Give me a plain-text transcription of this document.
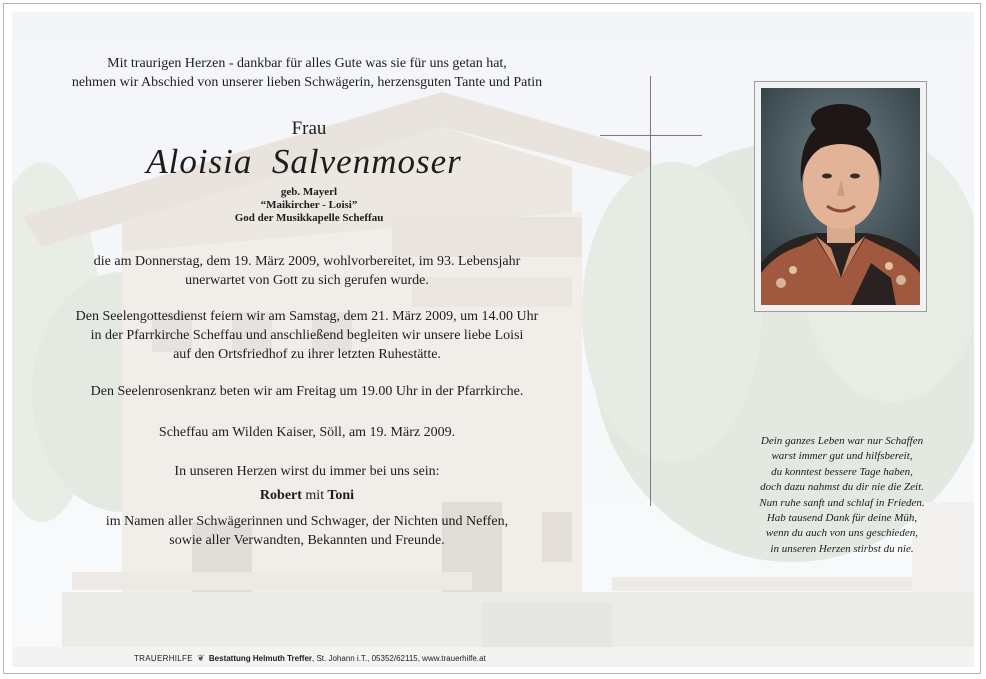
Mit traurigen Herzen - dankbar für alles Gute was sie für uns getan hat,
nehmen wir Abschied von unserer lieben Schwägerin, herzensguten Tante und Patin
Frau
Aloisia  Salvenmoser
geb. Mayerl
“Maikircher - Loisi”
God der Musikkapelle Scheffau
die am Donnerstag, dem 19. März 2009, wohlvorbereitet, im 93. Lebensjahr
unerwartet von Gott zu sich gerufen wurde.
Den Seelengottesdienst feiern wir am Samstag, dem 21. März 2009, um 14.00 Uhr
in der Pfarrkirche Scheffau und anschließend begleiten wir unsere liebe Loisi
auf den Ortsfriedhof zu ihrer letzten Ruhestätte.
Den Seelenrosenkranz beten wir am Freitag um 19.00 Uhr in der Pfarrkirche.
Scheffau am Wilden Kaiser, Söll, am 19. März 2009.
In unseren Herzen wirst du immer bei uns sein:
Robert mit Toni
im Namen aller Schwägerinnen und Schwager, der Nichten und Neffen,
sowie aller Verwandten, Bekannten und Freunde.
Dein ganzes Leben war nur Schaffen
warst immer gut und hilfsbereit,
du konntest bessere Tage haben,
doch dazu nahmst du dir nie die Zeit.
Nun ruhe sanft und schlaf in Frieden.
Hab tausend Dank für deine Müh,
wenn du auch von uns geschieden,
in unseren Herzen stirbst du nie.
TRAUERHILFE ❦ Bestattung Helmuth Treffer, St. Johann i.T., 05352/62115, www.trauerhilfe.at
